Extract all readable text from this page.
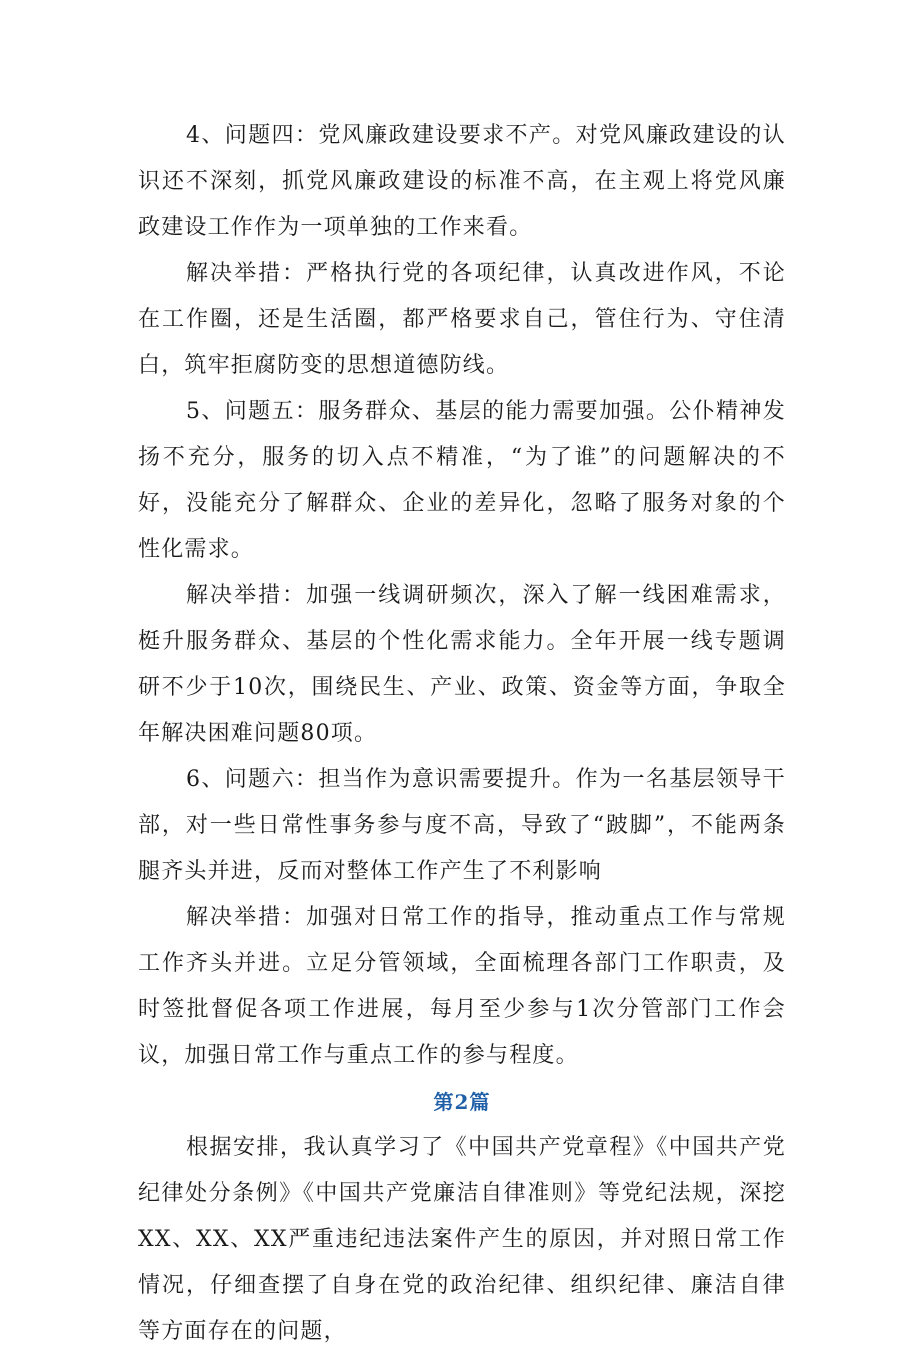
4、问题四：党风廉政建设要求不产。对党风廉政建设的认识还不深刻，抓党风廉政建设的标准不高，在主观上将党风廉政建设工作作为一项单独的工作来看。

解决举措：严格执行党的各项纪律，认真改进作风，不论在工作圈，还是生活圈，都严格要求自己，管住行为、守住清白，筑牢拒腐防变的思想道德防线。

5、问题五：服务群众、基层的能力需要加强。公仆精神发扬不充分，服务的切入点不精准，“为了谁”的问题解决的不好，没能充分了解群众、企业的差异化，忽略了服务对象的个性化需求。

解决举措：加强一线调研频次，深入了解一线困难需求，梃升服务群众、基层的个性化需求能力。全年开展一线专题调研不少于10次，围绕民生、产业、政策、资金等方面，争取全年解决困难问题80项。

6、问题六：担当作为意识需要提升。作为一名基层领导干部，对一些日常性事务参与度不高，导致了“跛脚”，不能两条腿齐头并进，反而对整体工作产生了不利影响

解决举措：加强对日常工作的指导，推动重点工作与常规工作齐头并进。立足分管领域，全面梳理各部门工作职责，及时签批督促各项工作进展，每月至少参与1次分管部门工作会议，加强日常工作与重点工作的参与程度。

第2篇

根据安排，我认真学习了《中国共产党章程》《中国共产党纪律处分条例》《中国共产党廉洁自律准则》等党纪法规，深挖XX、XX、XX严重违纪违法案件产生的原因，并对照日常工作情况，仔细查摆了自身在党的政治纪律、组织纪律、廉洁自律等方面存在的问题，
